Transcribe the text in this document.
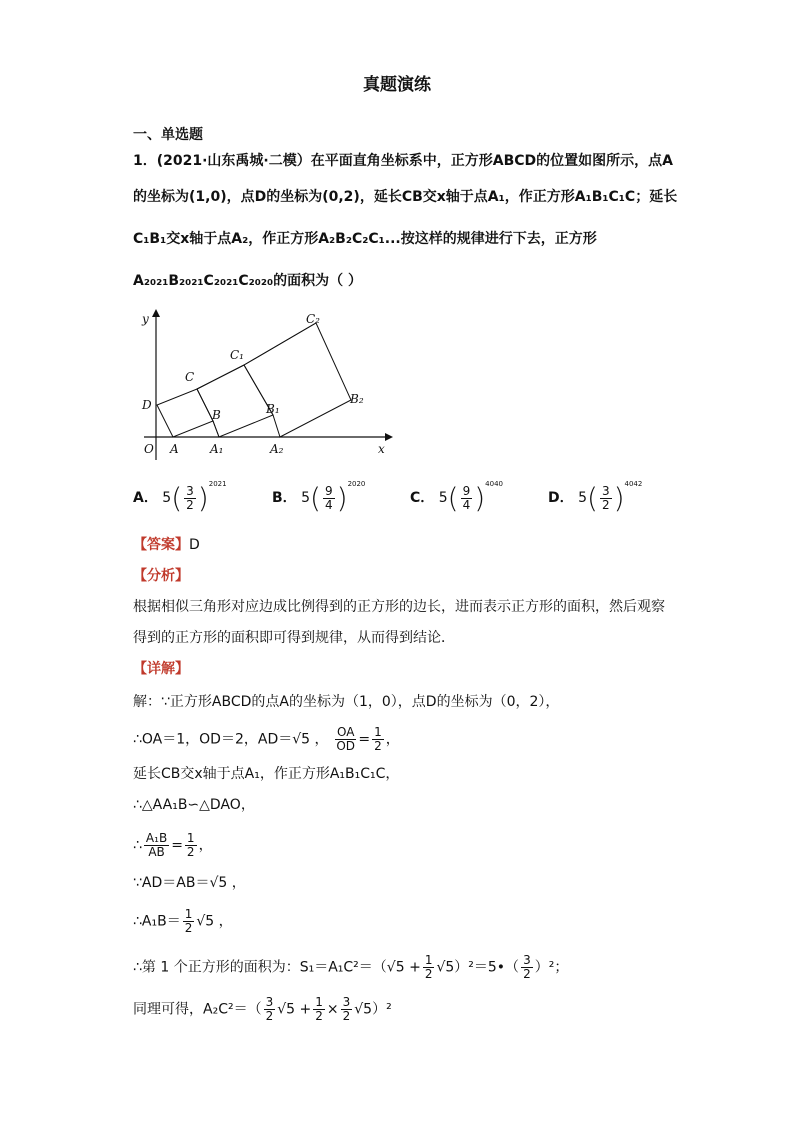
真题演练
一、单选题
1．(2021·山东禹城·二模）在平面直角坐标系中，正方形ABCD的位置如图所示，点A
的坐标为(1,0)，点D的坐标为(0,2)，延长CB交x轴于点A₁，作正方形A₁B₁C₁C；延长
C₁B₁交x轴于点A₂，作正方形A₂B₂C₂C₁...按这样的规律进行下去，正方形
A₂₀₂₁B₂₀₂₁C₂₀₂₁C₂₀₂₀的面积为（ ）
y
x
O A	A₁	A₂
D
B
C
B₁
C₁
B₂
C₂
A． $5( \frac{3}{2} )^{2021}$
B． $5( \frac{9}{4} )^{2020}$
C． $5( \frac{9}{4} )^{4040}$
D． $5( \frac{3}{2} )^{4042}$
【答案】D
【分析】
根据相似三角形对应边成比例得到的正方形的边长，进而表示正方形的面积，然后观察
得到的正方形的面积即可得到规律，从而得到结论．
【详解】
解：∵正方形ABCD的点A的坐标为（1，0），点D的坐标为（0，2），
∴OA＝1，OD＝2，AD＝√5 ， $\frac{OA}{OD} = \frac{1}{2}$ ，
延长CB交x轴于点A₁，作正方形A₁B₁C₁C，
∴△AA₁B∽△DAO，
∴ $\frac{\text{A₁B}}{AB} = \frac{1}{2}$ ，
∵AD＝AB＝√5 ，
∴A₁B＝ $\frac{1}{2} √5$ ，
∴第 1 个正方形的面积为：$S_1=A_1C^2=(√5 + \frac{1}{2}$ √5）²＝5•（ $\frac{3}{2} )^2$；
同理可得，$A_2C^2=( \frac{3}{2} √5 + \frac{1}{2} \times \frac{3}{2} √5)^2$
